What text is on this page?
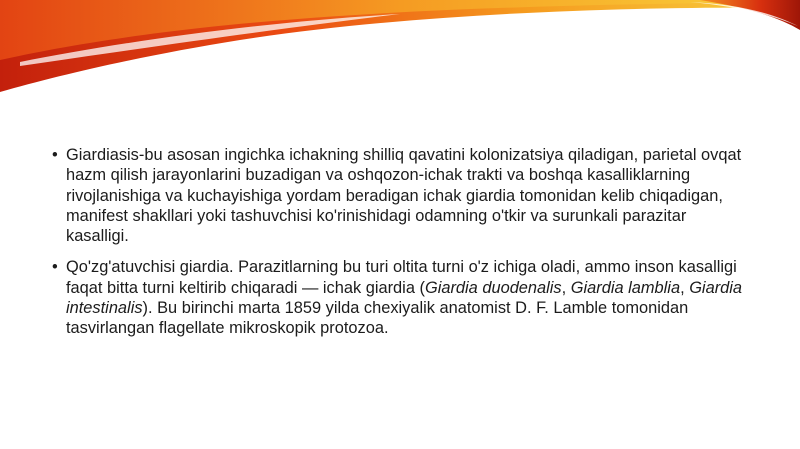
• Giardiasis-bu asosan ingichka ichakning shilliq qavatini kolonizatsiya qiladigan, parietal ovqat hazm qilish jarayonlarini buzadigan va oshqozon-ichak trakti va boshqa kasalliklarning rivojlanishiga va kuchayishiga yordam beradigan ichak giardia tomonidan kelib chiqadigan, manifest shakllari yoki tashuvchisi ko'rinishidagi odamning o'tkir va surunkali parazitar kasalligi.
• Qo'zg'atuvchisi giardia. Parazitlarning bu turi oltita turni o'z ichiga oladi, ammo inson kasalligi faqat bitta turni keltirib chiqaradi — ichak giardia (Giardia duodenalis, Giardia lamblia, Giardia intestinalis). Bu birinchi marta 1859 yilda chexiyalik anatomist D. F. Lamble tomonidan tasvirlangan flagellate mikroskopik protozoa.
